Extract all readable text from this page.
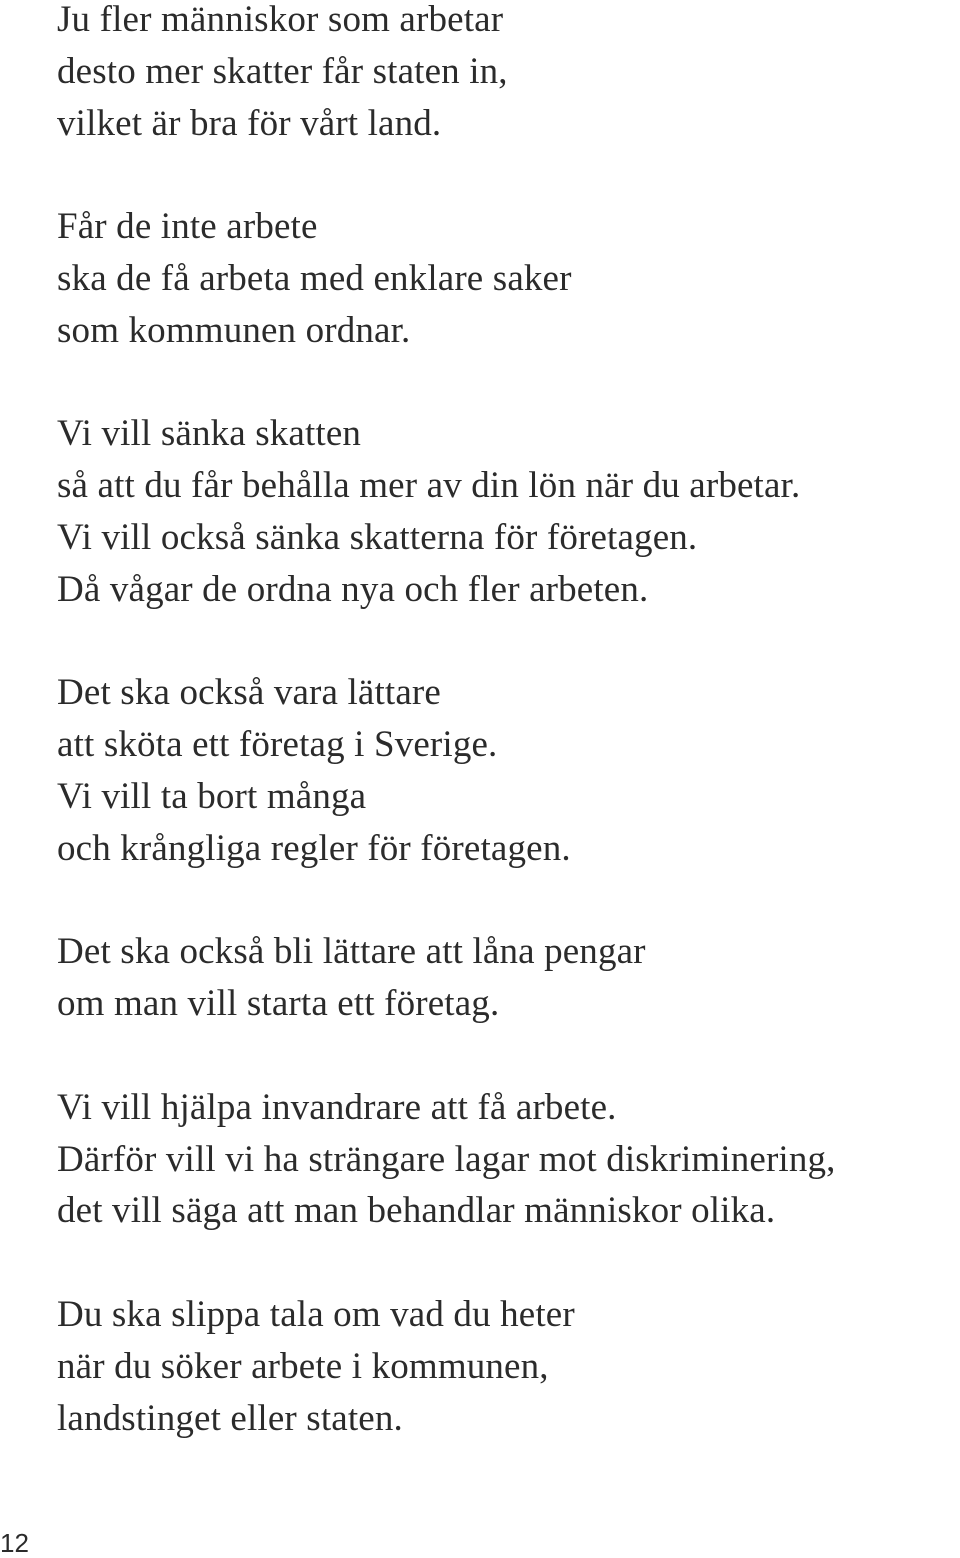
Ju fler människor som arbetar
desto mer skatter får staten in,
vilket är bra för vårt land.
Får de inte arbete
ska de få arbeta med enklare saker
som kommunen ordnar.
Vi vill sänka skatten
så att du får behålla mer av din lön när du arbetar.
Vi vill också sänka skatterna för företagen.
Då vågar de ordna nya och fler arbeten.
Det ska också vara lättare
att sköta ett företag i Sverige.
Vi vill ta bort många
och krångliga regler för företagen.
Det ska också bli lättare att låna pengar
om man vill starta ett företag.
Vi vill hjälpa invandrare att få arbete.
Därför vill vi ha strängare lagar mot diskriminering,
det vill säga att man behandlar människor olika.
Du ska slippa tala om vad du heter
när du söker arbete i kommunen,
landstinget eller staten.
12
